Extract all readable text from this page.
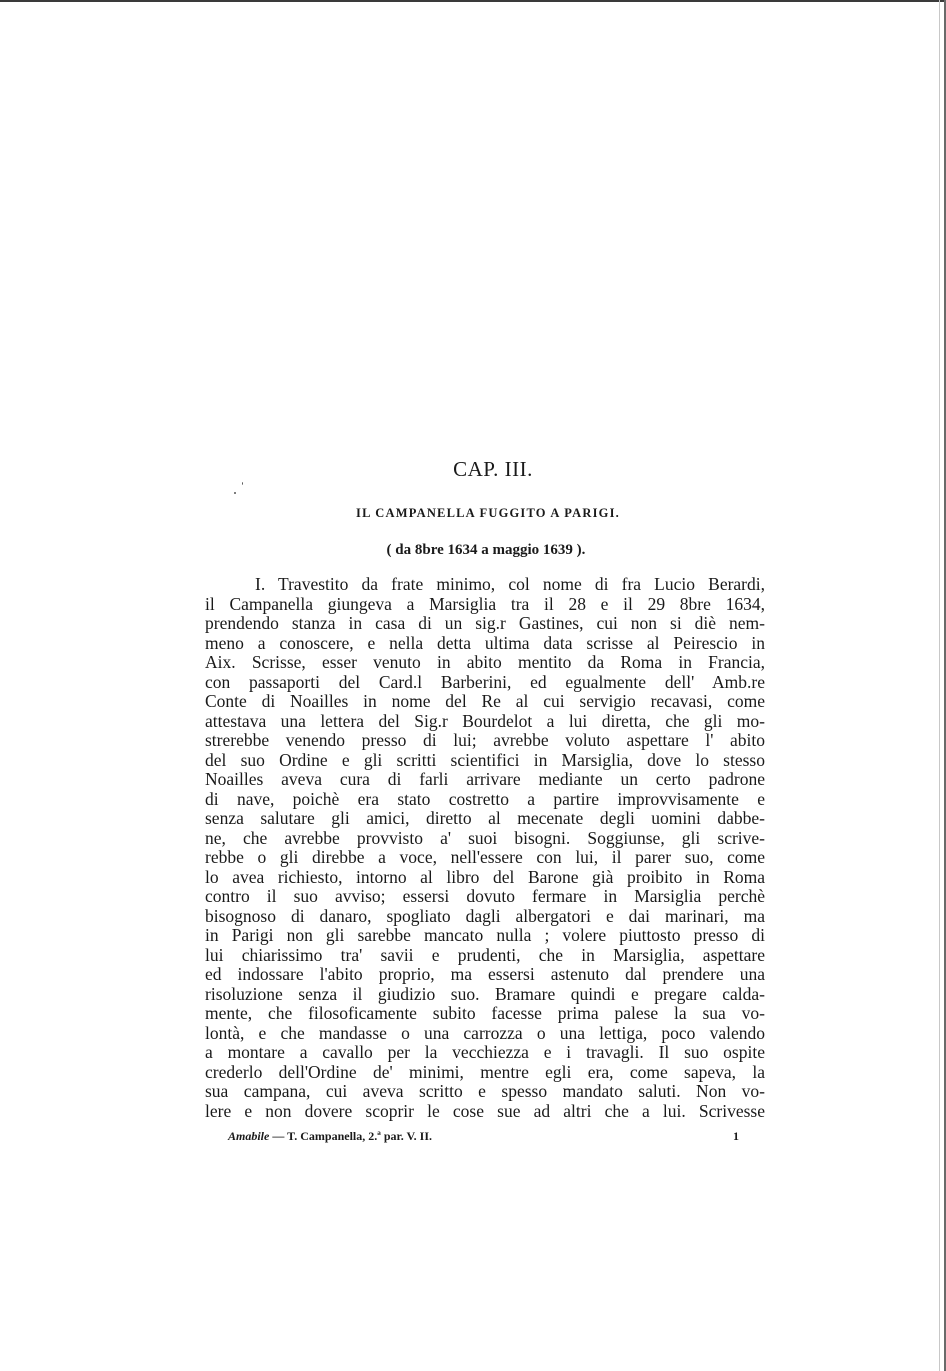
CAP. III.
IL CAMPANELLA FUGGITO A PARIGI.
( da 8bre 1634 a maggio 1639 ).
I. Travestito da frate minimo, col nome di fra Lucio Berardi,
il Campanella giungeva a Marsiglia tra il 28 e il 29 8bre 1634,
prendendo stanza in casa di un sig.r Gastines, cui non si diè nem-
meno a conoscere, e nella detta ultima data scrisse al Peirescio in
Aix. Scrisse, esser venuto in abito mentito da Roma in Francia,
con passaporti del Card.l Barberini, ed egualmente dell' Amb.re
Conte di Noailles in nome del Re al cui servigio recavasi, come
attestava una lettera del Sig.r Bourdelot a lui diretta, che gli mo-
strerebbe venendo presso di lui; avrebbe voluto aspettare l' abito
del suo Ordine e gli scritti scientifici in Marsiglia, dove lo stesso
Noailles aveva cura di farli arrivare mediante un certo padrone
di nave, poichè era stato costretto a partire improvvisamente e
senza salutare gli amici, diretto al mecenate degli uomini dabbe-
ne, che avrebbe provvisto a' suoi bisogni. Soggiunse, gli scrive-
rebbe o gli direbbe a voce, nell'essere con lui, il parer suo, come
lo avea richiesto, intorno al libro del Barone già proibito in Roma
contro il suo avviso; essersi dovuto fermare in Marsiglia perchè
bisognoso di danaro, spogliato dagli albergatori e dai marinari, ma
in Parigi non gli sarebbe mancato nulla ; volere piuttosto presso di
lui chiarissimo tra' savii e prudenti, che in Marsiglia, aspettare
ed indossare l'abito proprio, ma essersi astenuto dal prendere una
risoluzione senza il giudizio suo. Bramare quindi e pregare calda-
mente, che filosoficamente subito facesse prima palese la sua vo-
lontà, e che mandasse o una carrozza o una lettiga, poco valendo
a montare a cavallo per la vecchiezza e i travagli. Il suo ospite
crederlo dell'Ordine de' minimi, mentre egli era, come sapeva, la
sua campana, cui aveva scritto e spesso mandato saluti. Non vo-
lere e non dovere scoprir le cose sue ad altri che a lui. Scrivesse
Amabile — T. Campanella, 2.ª par. V. II.	1
